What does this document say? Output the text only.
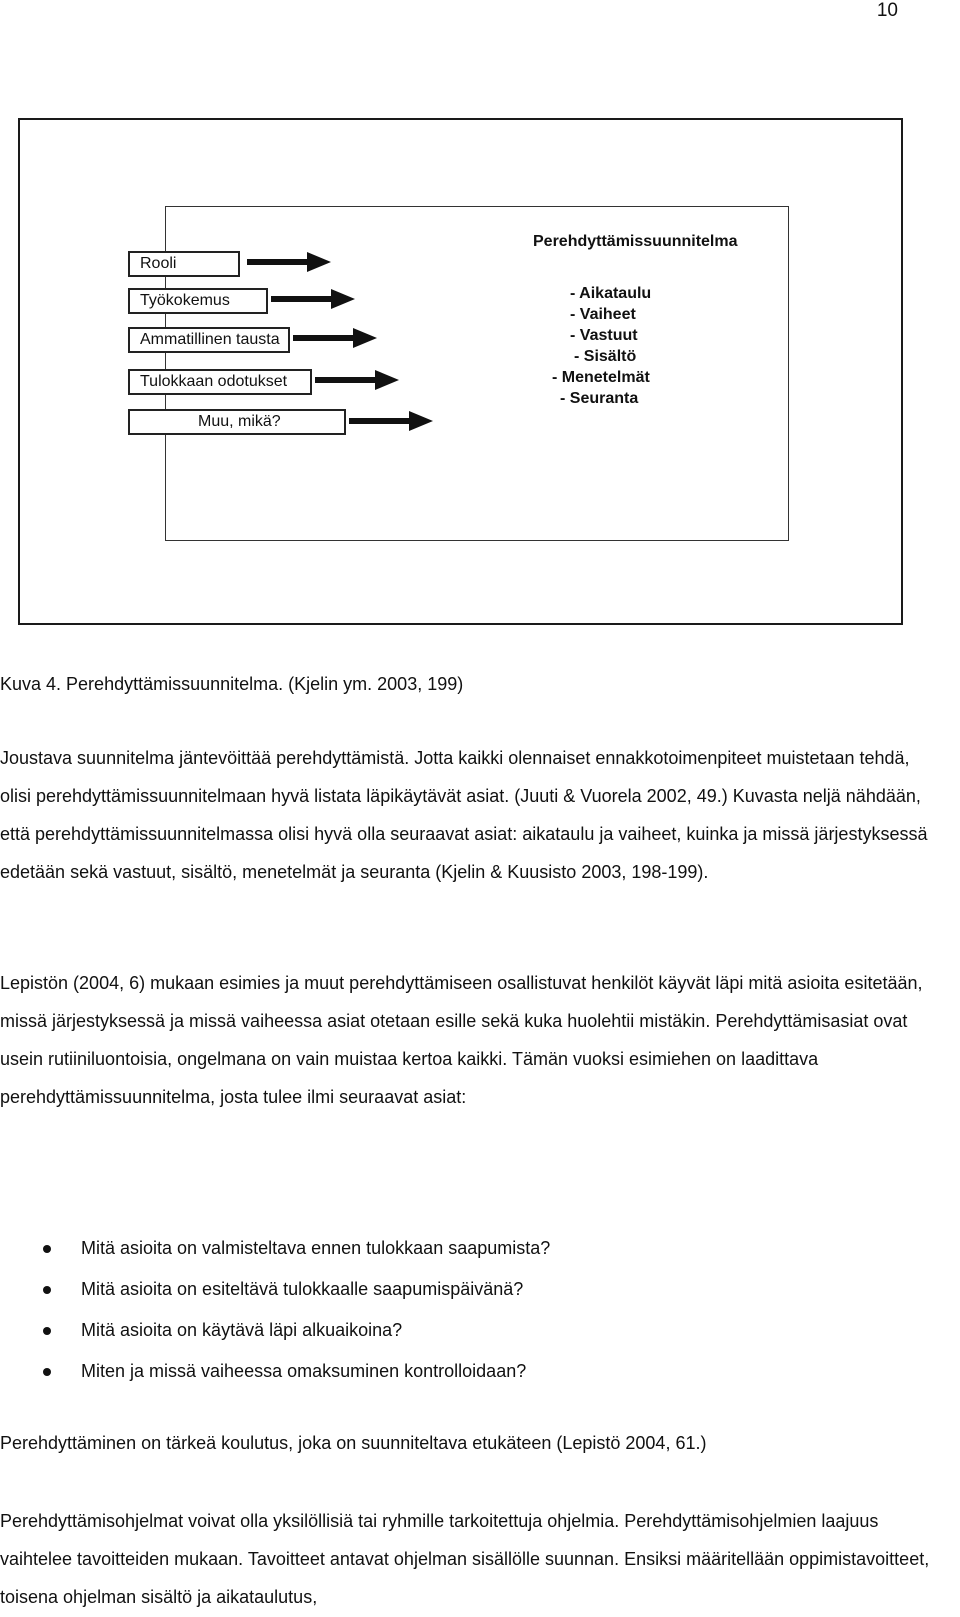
10
Rooli
Työkokemus
Ammatillinen tausta
Tulokkaan odotukset
Muu, mikä?
Perehdyttämissuunnitelma
- Aikataulu
- Vaiheet
- Vastuut
- Sisältö
- Menetelmät
- Seuranta

Kuva 4. Perehdyttämissuunnitelma. (Kjelin ym. 2003, 199)

Joustava suunnitelma jäntevöittää perehdyttämistä. Jotta kaikki olennaiset ennakkotoimenpiteet muistetaan tehdä, olisi perehdyttämissuunnitelmaan hyvä listata läpikäytävät asiat. (Juuti & Vuorela 2002, 49.) Kuvasta neljä nähdään, että perehdyttämissuunnitelmassa olisi hyvä olla seuraavat asiat: aikataulu ja vaiheet, kuinka ja missä järjestyksessä edetään sekä vastuut, sisältö, menetelmät ja seuranta (Kjelin & Kuusisto 2003, 198-199).

Lepistön (2004, 6) mukaan esimies ja muut perehdyttämiseen osallistuvat henkilöt käyvät läpi mitä asioita esitetään, missä järjestyksessä ja missä vaiheessa asiat otetaan esille sekä kuka huolehtii mistäkin. Perehdyttämisasiat ovat usein rutiiniluontoisia, ongelmana on vain muistaa kertoa kaikki. Tämän vuoksi esimiehen on laadittava perehdyttämissuunnitelma, josta tulee ilmi seuraavat asiat:

Mitä asioita on valmisteltava ennen tulokkaan saapumista?
Mitä asioita on esiteltävä tulokkaalle saapumispäivänä?
Mitä asioita on käytävä läpi alkuaikoina?
Miten ja missä vaiheessa omaksuminen kontrolloidaan?

Perehdyttäminen on tärkeä koulutus, joka on suunniteltava etukäteen (Lepistö 2004, 61.)

Perehdyttämisohjelmat voivat olla yksilöllisiä tai ryhmille tarkoitettuja ohjelmia. Perehdyttämisohjelmien laajuus vaihtelee tavoitteiden mukaan. Tavoitteet antavat ohjelman sisällölle suunnan. Ensiksi määritellään oppimistavoitteet, toisena ohjelman sisältö ja aikataulutus,
